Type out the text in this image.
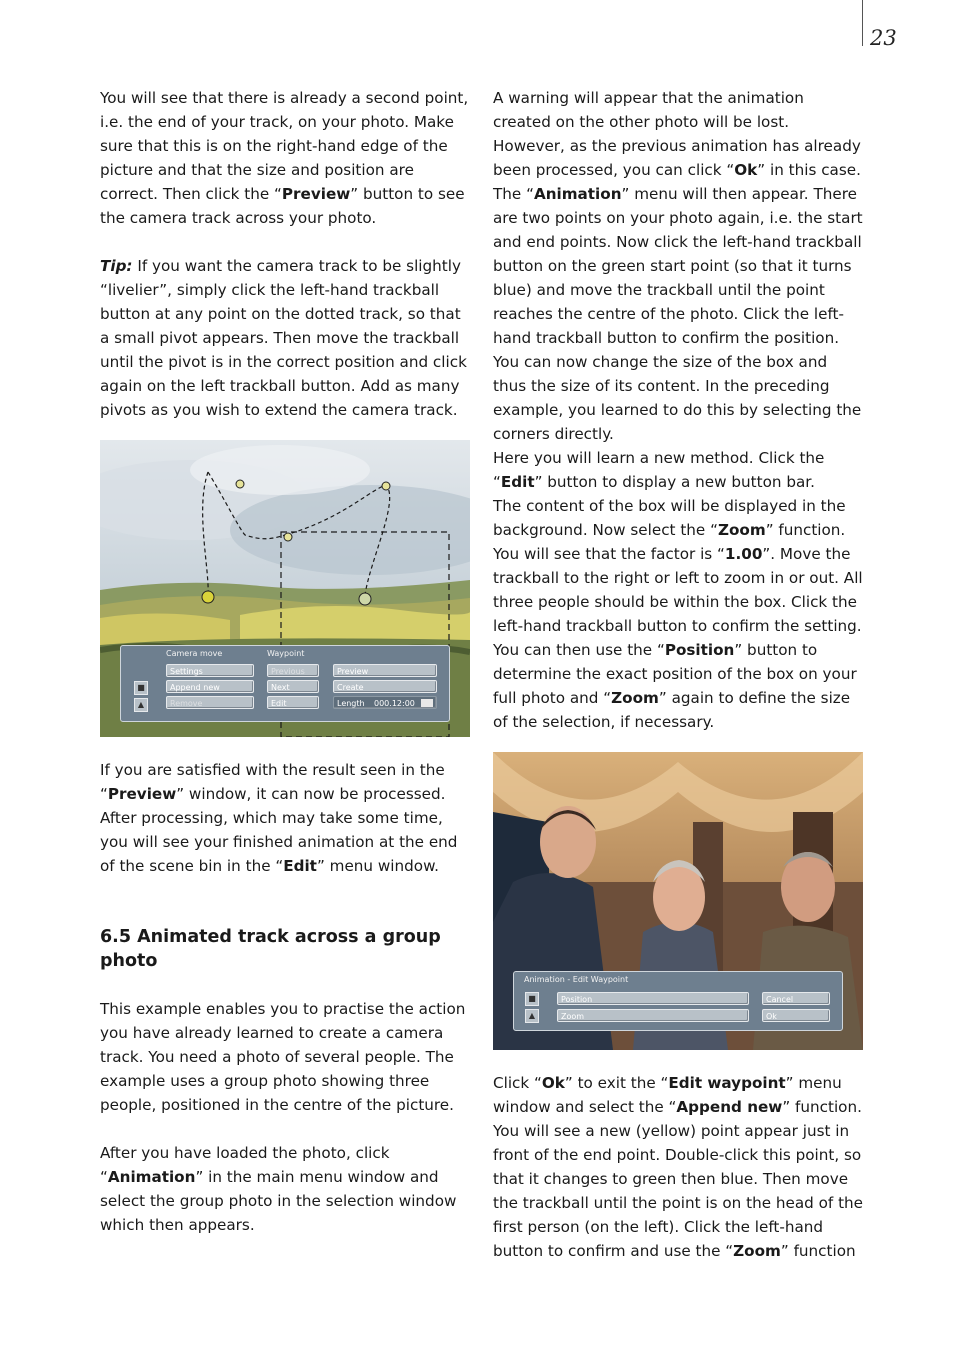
23

You will see that there is already a second point, i.e. the end of your track, on your photo. Make sure that this is on the right-hand edge of the picture and that the size and position are correct. Then click the “Preview” button to see the camera track across your photo.

Tip: If you want the camera track to be slightly “livelier”, simply click the left-hand trackball button at any point on the dotted track, so that a small pivot appears. Then move the trackball until the pivot is in the correct position and click again on the left trackball button. Add as many pivots as you wish to extend the camera track.

Camera move	Waypoint
■
▲
Settings
Append new
Remove
Previous
Next
Edit
Preview
Create
Length 000.12:00

If you are satisfied with the result seen in the “Preview” window, it can now be processed. After processing, which may take some time, you will see your finished animation at the end of the scene bin in the “Edit” menu window.

6.5 Animated track across a group photo

This example enables you to practise the action you have already learned to create a camera track. You need a photo of several people. The example uses a group photo showing three people, positioned in the centre of the picture.

After you have loaded the photo, click “Animation” in the main menu window and select the group photo in the selection window which then appears.

A warning will appear that the animation created on the other photo will be lost. However, as the previous animation has already been processed, you can click “Ok” in this case. The “Animation” menu will then appear. There are two points on your photo again, i.e. the start and end points. Now click the left-hand trackball button on the green start point (so that it turns blue) and move the trackball until the point reaches the centre of the photo. Click the left-hand trackball button to confirm the position. You can now change the size of the box and thus the size of its content. In the preceding example, you learned to do this by selecting the corners directly.

Here you will learn a new method. Click the “Edit” button to display a new button bar.

The content of the box will be displayed in the background. Now select the “Zoom” function. You will see that the factor is “1.00”. Move the trackball to the right or left to zoom in or out. All three people should be within the box. Click the left-hand trackball button to confirm the setting. You can then use the “Position” button to determine the exact position of the box on your full photo and “Zoom” again to define the size of the selection, if necessary.

Animation - Edit Waypoint
■
▲
Position
Zoom
Cancel
Ok

Click “Ok” to exit the “Edit waypoint” menu window and select the “Append new” function. You will see a new (yellow) point appear just in front of the end point. Double-click this point, so that it changes to green then blue. Then move the trackball until the point is on the head of the first person (on the left). Click the left-hand button to confirm and use the “Zoom” function
